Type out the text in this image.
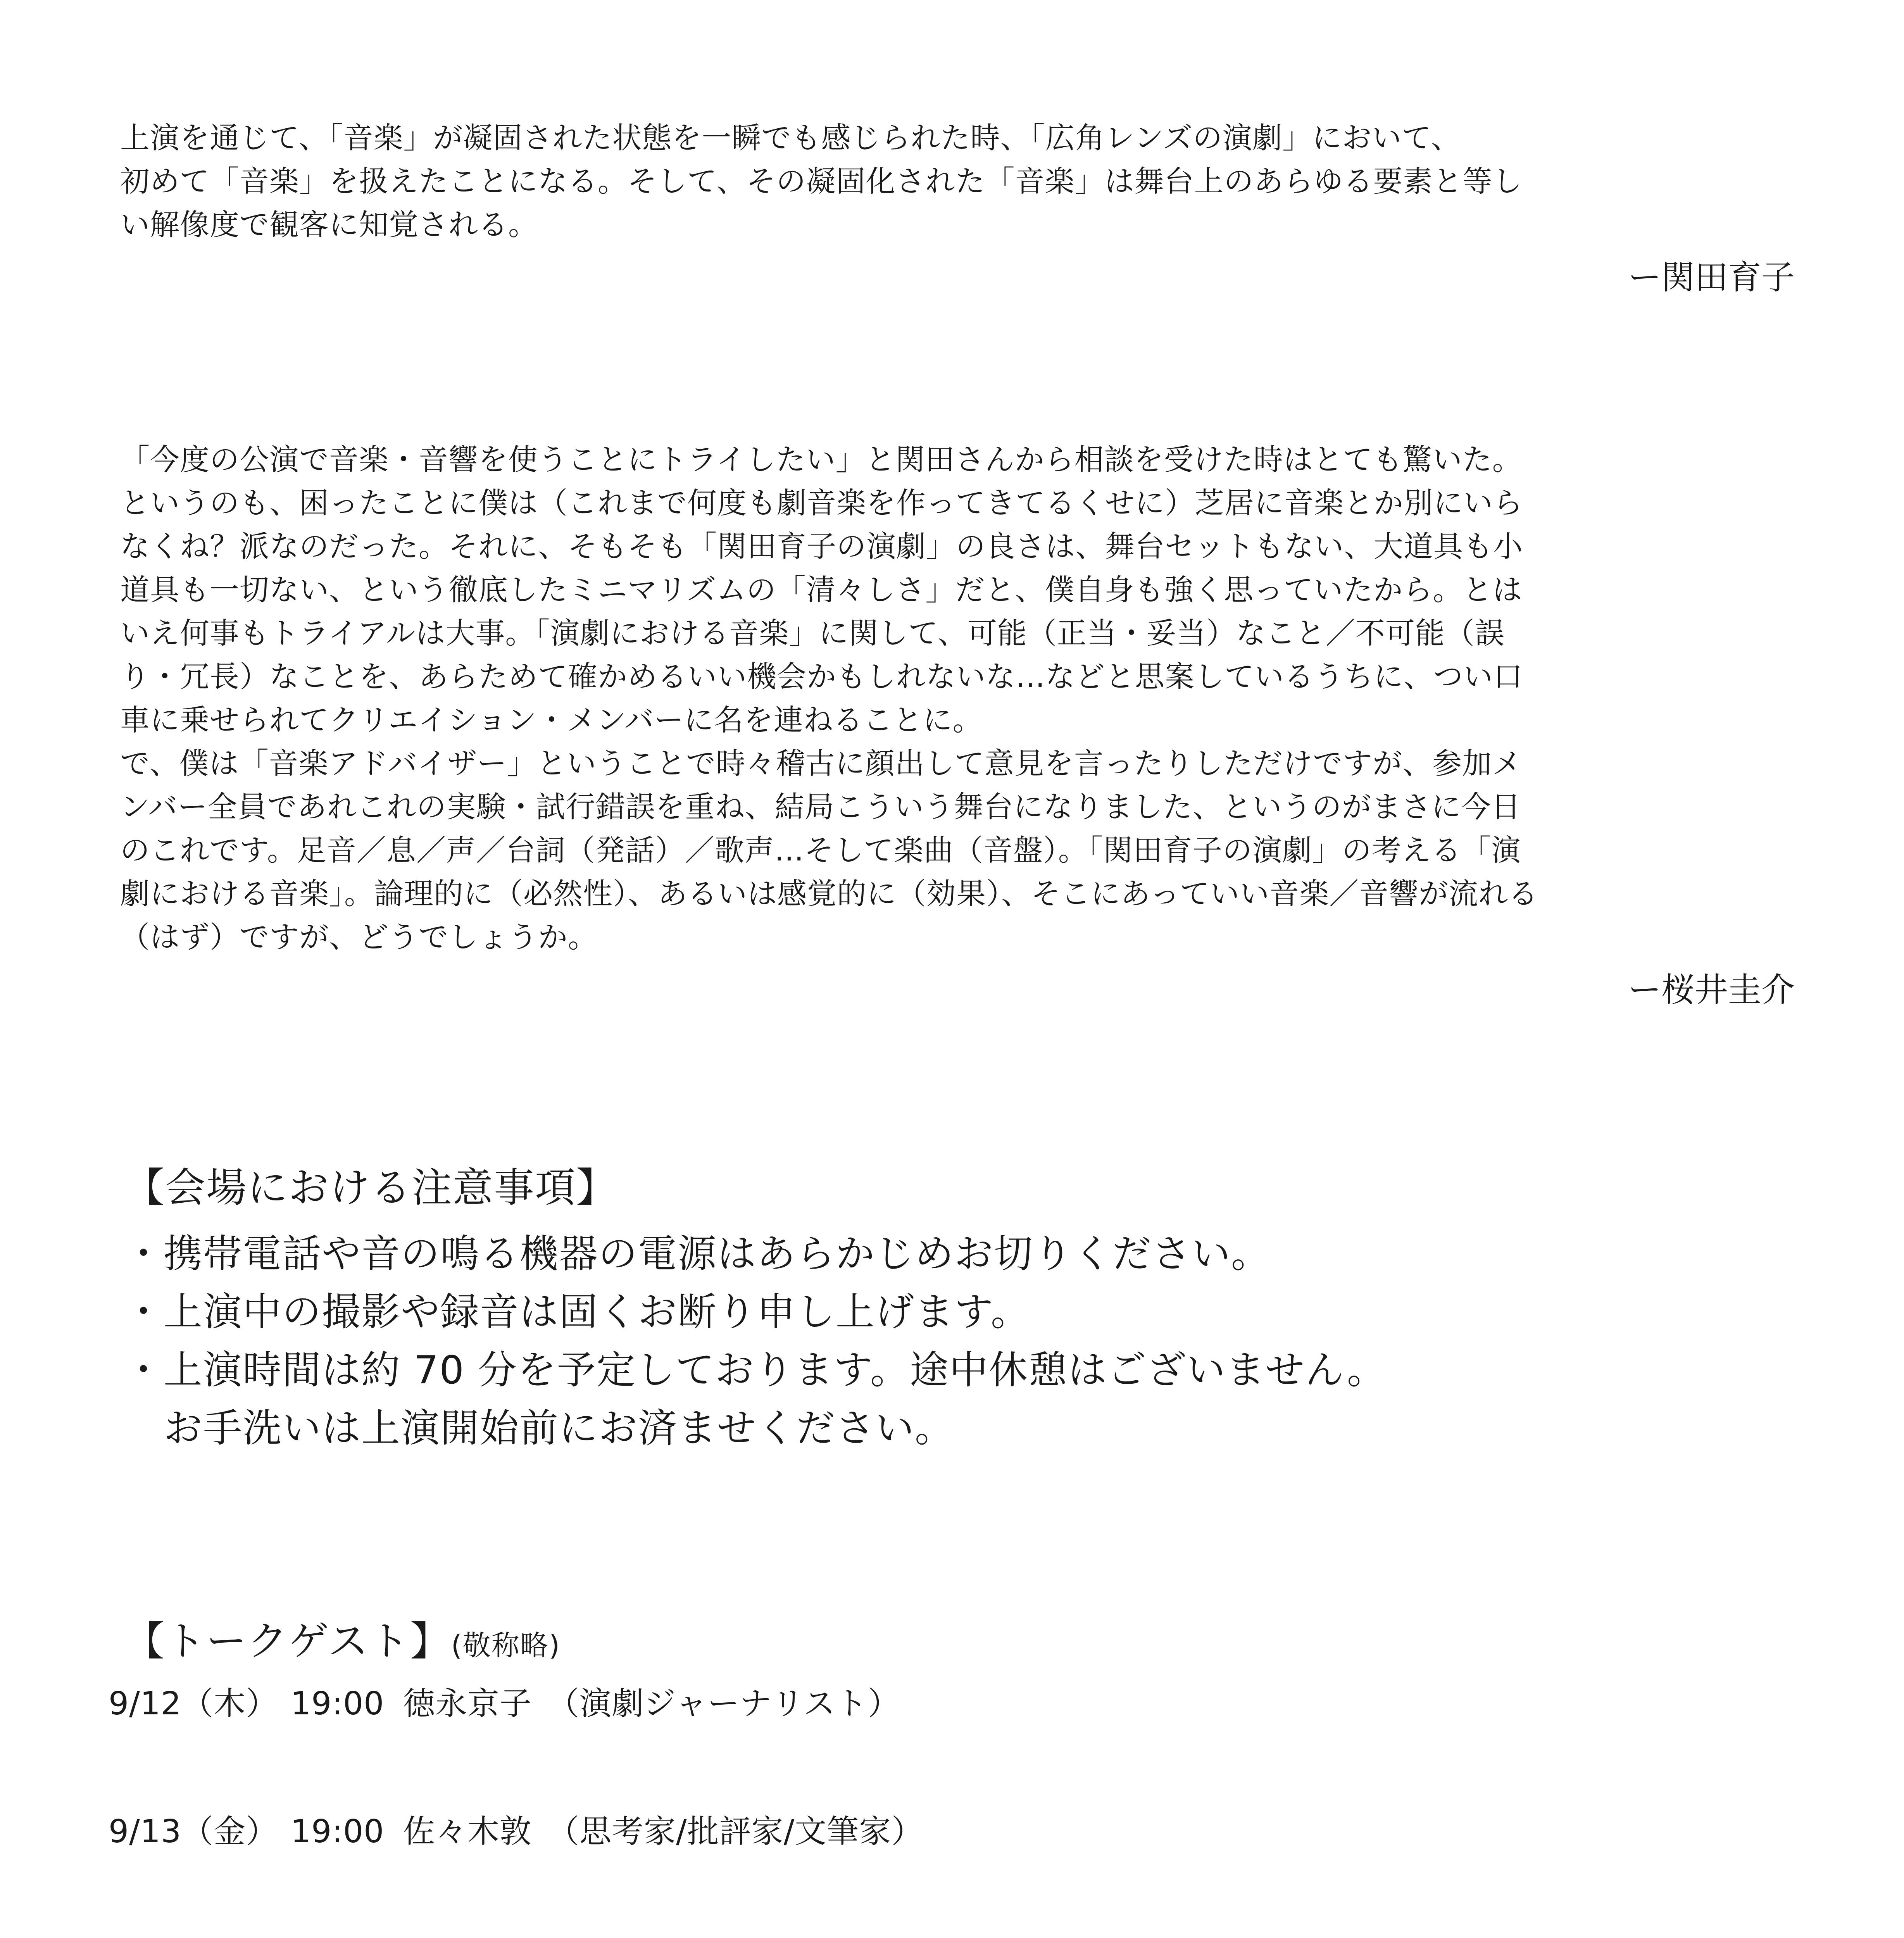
上演を通じて、「音楽」が凝固された状態を一瞬でも感じられた時、「広角レンズの演劇」において、

初めて「音楽」を扱えたことになる。そして、その凝固化された「音楽」は舞台上のあらゆる要素と等し

い解像度で観客に知覚される。

ー関田育子

「今度の公演で音楽・音響を使うことにトライしたい」と関田さんから相談を受けた時はとても驚いた。

というのも、困ったことに僕は（これまで何度も劇音楽を作ってきてるくせに）芝居に音楽とか別にいら

なくね？派なのだった。それに、そもそも「関田育子の演劇」の良さは、舞台セットもない、大道具も小

道具も一切ない、という徹底したミニマリズムの「清々しさ」だと、僕自身も強く思っていたから。とは

いえ何事もトライアルは大事。「演劇における音楽」に関して、可能（正当・妥当）なこと／不可能（誤

り・冗長）なことを、あらためて確かめるいい機会かもしれないな…などと思案しているうちに、つい口

車に乗せられてクリエイション・メンバーに名を連ねることに。

で、僕は「音楽アドバイザー」ということで時々稽古に顔出して意見を言ったりしただけですが、参加メ

ンバー全員であれこれの実験・試行錯誤を重ね、結局こういう舞台になりました、というのがまさに今日

のこれです。足音／息／声／台詞（発話）／歌声…そして楽曲（音盤）。「関田育子の演劇」の考える「演

劇における音楽」。論理的に（必然性）、あるいは感覚的に（効果）、そこにあっていい音楽／音響が流れる

（はず）ですが、どうでしょうか。

ー桜井圭介

【会場における注意事項】

・携帯電話や音の鳴る機器の電源はあらかじめお切りください。

・上演中の撮影や録音は固くお断り申し上げます。

・上演時間は約 70 分を予定しております。途中休憩はございません。

　お手洗いは上演開始前にお済ませください。

【トークゲスト】(敬称略)

9/12（木） 19:00 徳永京子 （演劇ジャーナリスト）
9/13（金） 19:00 佐々木敦 （思考家/批評家/文筆家）
